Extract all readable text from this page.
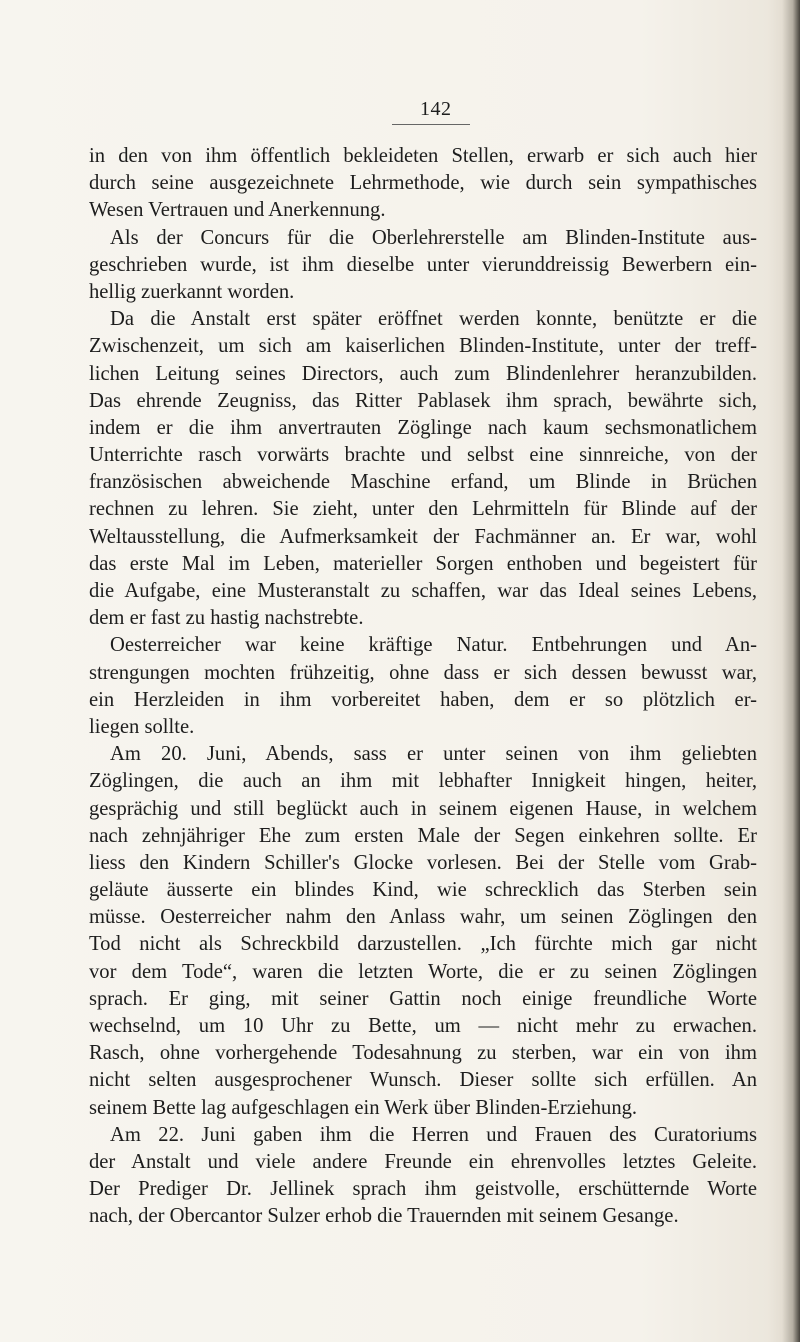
142
in den von ihm öffentlich bekleideten Stellen, erwarb er sich auch hier
durch seine ausgezeichnete Lehrmethode, wie durch sein sympathisches
Wesen Vertrauen und Anerkennung.
Als der Concurs für die Oberlehrerstelle am Blinden-Institute aus-
geschrieben wurde, ist ihm dieselbe unter vierunddreissig Bewerbern ein-
hellig zuerkannt worden.
Da die Anstalt erst später eröffnet werden konnte, benützte er die
Zwischenzeit, um sich am kaiserlichen Blinden-Institute, unter der treff-
lichen Leitung seines Directors, auch zum Blindenlehrer heranzubilden.
Das ehrende Zeugniss, das Ritter Pablasek ihm sprach, bewährte sich,
indem er die ihm anvertrauten Zöglinge nach kaum sechsmonatlichem
Unterrichte rasch vorwärts brachte und selbst eine sinnreiche, von der
französischen abweichende Maschine erfand, um Blinde in Brüchen
rechnen zu lehren. Sie zieht, unter den Lehrmitteln für Blinde auf der
Weltausstellung, die Aufmerksamkeit der Fachmänner an. Er war, wohl
das erste Mal im Leben, materieller Sorgen enthoben und begeistert für
die Aufgabe, eine Musteranstalt zu schaffen, war das Ideal seines Lebens,
dem er fast zu hastig nachstrebte.
Oesterreicher war keine kräftige Natur. Entbehrungen und An-
strengungen mochten frühzeitig, ohne dass er sich dessen bewusst war,
ein Herzleiden in ihm vorbereitet haben, dem er so plötzlich er-
liegen sollte.
Am 20. Juni, Abends, sass er unter seinen von ihm geliebten
Zöglingen, die auch an ihm mit lebhafter Innigkeit hingen, heiter,
gesprächig und still beglückt auch in seinem eigenen Hause, in welchem
nach zehnjähriger Ehe zum ersten Male der Segen einkehren sollte. Er
liess den Kindern Schiller's Glocke vorlesen. Bei der Stelle vom Grab-
geläute äusserte ein blindes Kind, wie schrecklich das Sterben sein
müsse. Oesterreicher nahm den Anlass wahr, um seinen Zöglingen den
Tod nicht als Schreckbild darzustellen. „Ich fürchte mich gar nicht
vor dem Tode“, waren die letzten Worte, die er zu seinen Zöglingen
sprach. Er ging, mit seiner Gattin noch einige freundliche Worte
wechselnd, um 10 Uhr zu Bette, um — nicht mehr zu erwachen.
Rasch, ohne vorhergehende Todesahnung zu sterben, war ein von ihm
nicht selten ausgesprochener Wunsch. Dieser sollte sich erfüllen. An
seinem Bette lag aufgeschlagen ein Werk über Blinden-Erziehung.
Am 22. Juni gaben ihm die Herren und Frauen des Curatoriums
der Anstalt und viele andere Freunde ein ehrenvolles letztes Geleite.
Der Prediger Dr. Jellinek sprach ihm geistvolle, erschütternde Worte
nach, der Obercantor Sulzer erhob die Trauernden mit seinem Gesange.
